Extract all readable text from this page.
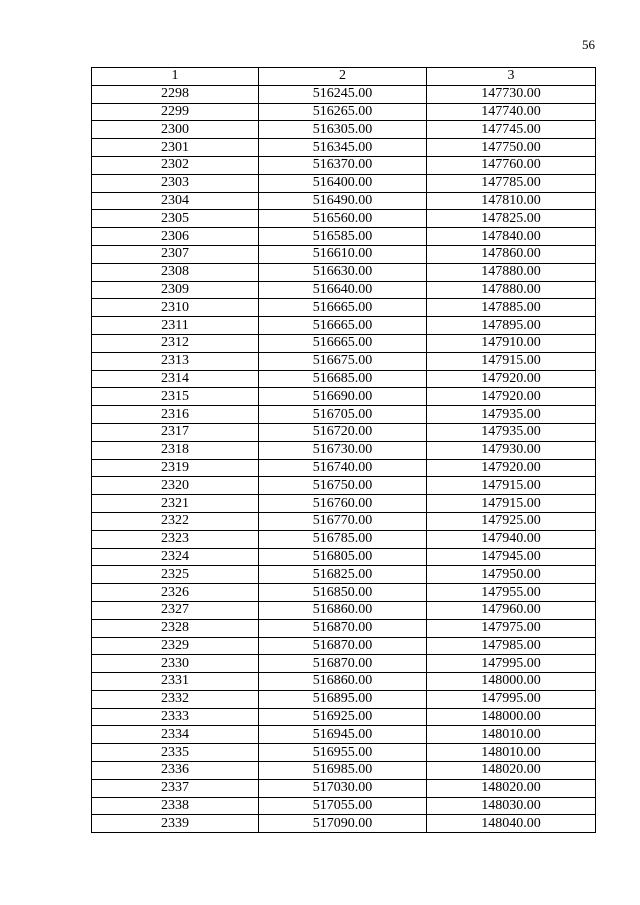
56
1	2	3
2298	516245.00	147730.00
2299	516265.00	147740.00
2300	516305.00	147745.00
2301	516345.00	147750.00
2302	516370.00	147760.00
2303	516400.00	147785.00
2304	516490.00	147810.00
2305	516560.00	147825.00
2306	516585.00	147840.00
2307	516610.00	147860.00
2308	516630.00	147880.00
2309	516640.00	147880.00
2310	516665.00	147885.00
2311	516665.00	147895.00
2312	516665.00	147910.00
2313	516675.00	147915.00
2314	516685.00	147920.00
2315	516690.00	147920.00
2316	516705.00	147935.00
2317	516720.00	147935.00
2318	516730.00	147930.00
2319	516740.00	147920.00
2320	516750.00	147915.00
2321	516760.00	147915.00
2322	516770.00	147925.00
2323	516785.00	147940.00
2324	516805.00	147945.00
2325	516825.00	147950.00
2326	516850.00	147955.00
2327	516860.00	147960.00
2328	516870.00	147975.00
2329	516870.00	147985.00
2330	516870.00	147995.00
2331	516860.00	148000.00
2332	516895.00	147995.00
2333	516925.00	148000.00
2334	516945.00	148010.00
2335	516955.00	148010.00
2336	516985.00	148020.00
2337	517030.00	148020.00
2338	517055.00	148030.00
2339	517090.00	148040.00
